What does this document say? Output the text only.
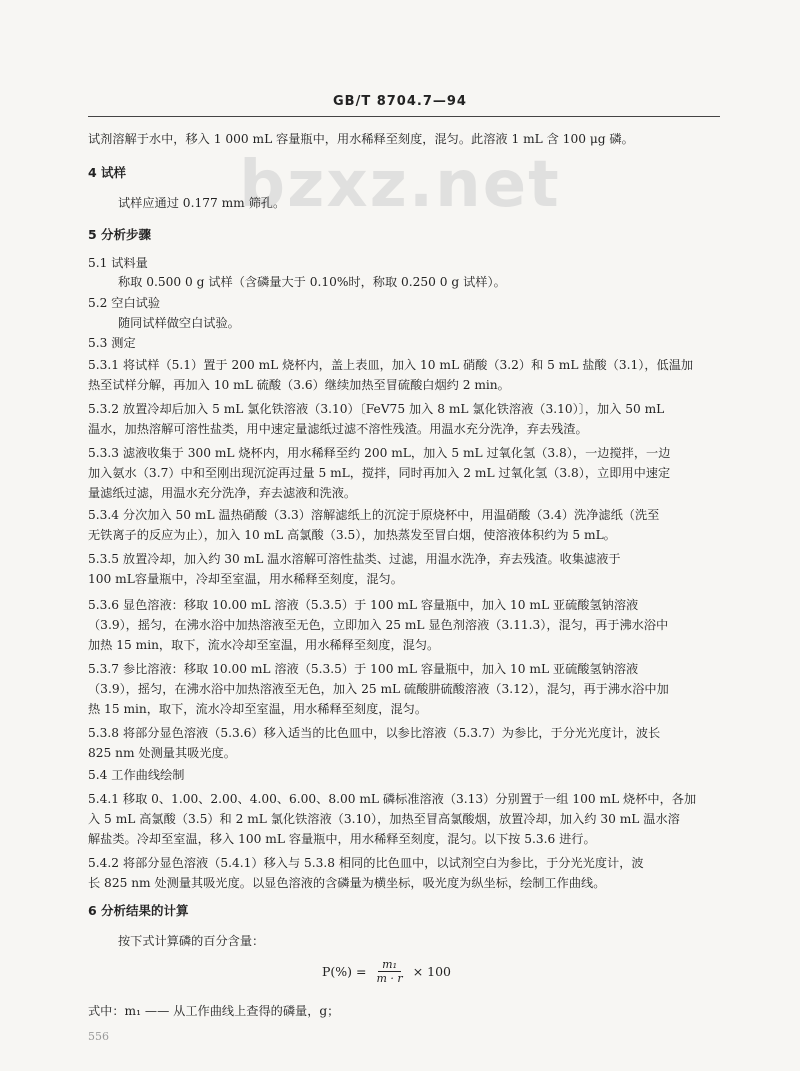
GB/T 8704.7—94
bzxz.net
试剂溶解于水中，移入 1 000 mL 容量瓶中，用水稀释至刻度，混匀。此溶液 1 mL 含 100 μg 磷。
4 试样
试样应通过 0.177 mm 筛孔。
5 分析步骤
5.1 试料量
称取 0.500 0 g 试样（含磷量大于 0.10%时，称取 0.250 0 g 试样）。
5.2 空白试验
随同试样做空白试验。
5.3 测定
5.3.1 将试样（5.1）置于 200 mL 烧杯内，盖上表皿，加入 10 mL 硝酸（3.2）和 5 mL 盐酸（3.1），低温加
热至试样分解，再加入 10 mL 硫酸（3.6）继续加热至冒硫酸白烟约 2 min。
5.3.2 放置冷却后加入 5 mL 氯化铁溶液（3.10）〔FeV75 加入 8 mL 氯化铁溶液（3.10）〕，加入 50 mL
温水，加热溶解可溶性盐类，用中速定量滤纸过滤不溶性残渣。用温水充分洗净，弃去残渣。
5.3.3 滤液收集于 300 mL 烧杯内，用水稀释至约 200 mL，加入 5 mL 过氧化氢（3.8），一边搅拌，一边
加入氨水（3.7）中和至刚出现沉淀再过量 5 mL，搅拌，同时再加入 2 mL 过氧化氢（3.8），立即用中速定
量滤纸过滤，用温水充分洗净，弃去滤液和洗液。
5.3.4 分次加入 50 mL 温热硝酸（3.3）溶解滤纸上的沉淀于原烧杯中，用温硝酸（3.4）洗净滤纸（洗至
无铁离子的反应为止），加入 10 mL 高氯酸（3.5），加热蒸发至冒白烟，使溶液体积约为 5 mL。
5.3.5 放置冷却，加入约 30 mL 温水溶解可溶性盐类、过滤，用温水洗净，弃去残渣。收集滤液于
100 mL容量瓶中，冷却至室温，用水稀释至刻度，混匀。
5.3.6 显色溶液：移取 10.00 mL 溶液（5.3.5）于 100 mL 容量瓶中，加入 10 mL 亚硫酸氢钠溶液
（3.9），摇匀，在沸水浴中加热溶液至无色，立即加入 25 mL 显色剂溶液（3.11.3），混匀，再于沸水浴中
加热 15 min，取下，流水冷却至室温，用水稀释至刻度，混匀。
5.3.7 参比溶液：移取 10.00 mL 溶液（5.3.5）于 100 mL 容量瓶中，加入 10 mL 亚硫酸氢钠溶液
（3.9），摇匀，在沸水浴中加热溶液至无色，加入 25 mL 硫酸肼硫酸溶液（3.12），混匀，再于沸水浴中加
热 15 min，取下，流水冷却至室温，用水稀释至刻度，混匀。
5.3.8 将部分显色溶液（5.3.6）移入适当的比色皿中，以参比溶液（5.3.7）为参比，于分光光度计，波长
825 nm 处测量其吸光度。
5.4 工作曲线绘制
5.4.1 移取 0、1.00、2.00、4.00、6.00、8.00 mL 磷标准溶液（3.13）分别置于一组 100 mL 烧杯中，各加
入 5 mL 高氯酸（3.5）和 2 mL 氯化铁溶液（3.10），加热至冒高氯酸烟，放置冷却，加入约 30 mL 温水溶
解盐类。冷却至室温，移入 100 mL 容量瓶中，用水稀释至刻度，混匀。以下按 5.3.6 进行。
5.4.2 将部分显色溶液（5.4.1）移入与 5.3.8 相同的比色皿中，以试剂空白为参比，于分光光度计，波
长 825 nm 处测量其吸光度。以显色溶液的含磷量为横坐标，吸光度为纵坐标，绘制工作曲线。
6 分析结果的计算
按下式计算磷的百分含量：
$P(\%) = \frac{\text{m₁}}{m \cdot r} \times 100$
式中：m₁ —— 从工作曲线上查得的磷量，g；
556
